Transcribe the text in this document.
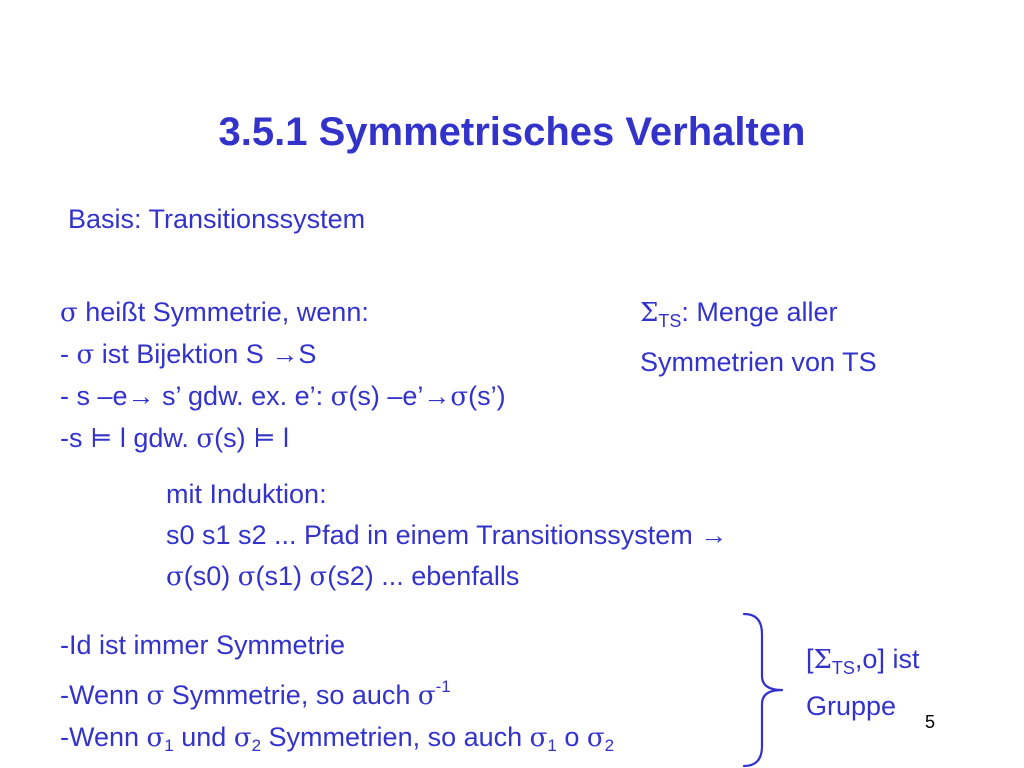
3.5.1 Symmetrisches Verhalten
Basis: Transitionssystem
σ heißt Symmetrie, wenn:
- σ ist Bijektion S →S
- s –e→ s’ gdw. ex. e’: σ(s) –e’→σ(s’)
-s ⊨ l gdw. σ(s) ⊨ l
$\Sigma_{TS}$: Menge aller
Symmetrien von TS
mit Induktion:
s0 s1 s2 ... Pfad in einem Transitionssystem →
σ(s0) σ(s1) σ(s2) ... ebenfalls
-Id ist immer Symmetrie
-Wenn σ Symmetrie, so auch $\sigma^{-1}$
-Wenn $\sigma_1$ und $\sigma_2$ Symmetrien, so auch $\sigma_1$ o $\sigma_2$
$[\Sigma_{TS},o]$ ist
Gruppe
5
